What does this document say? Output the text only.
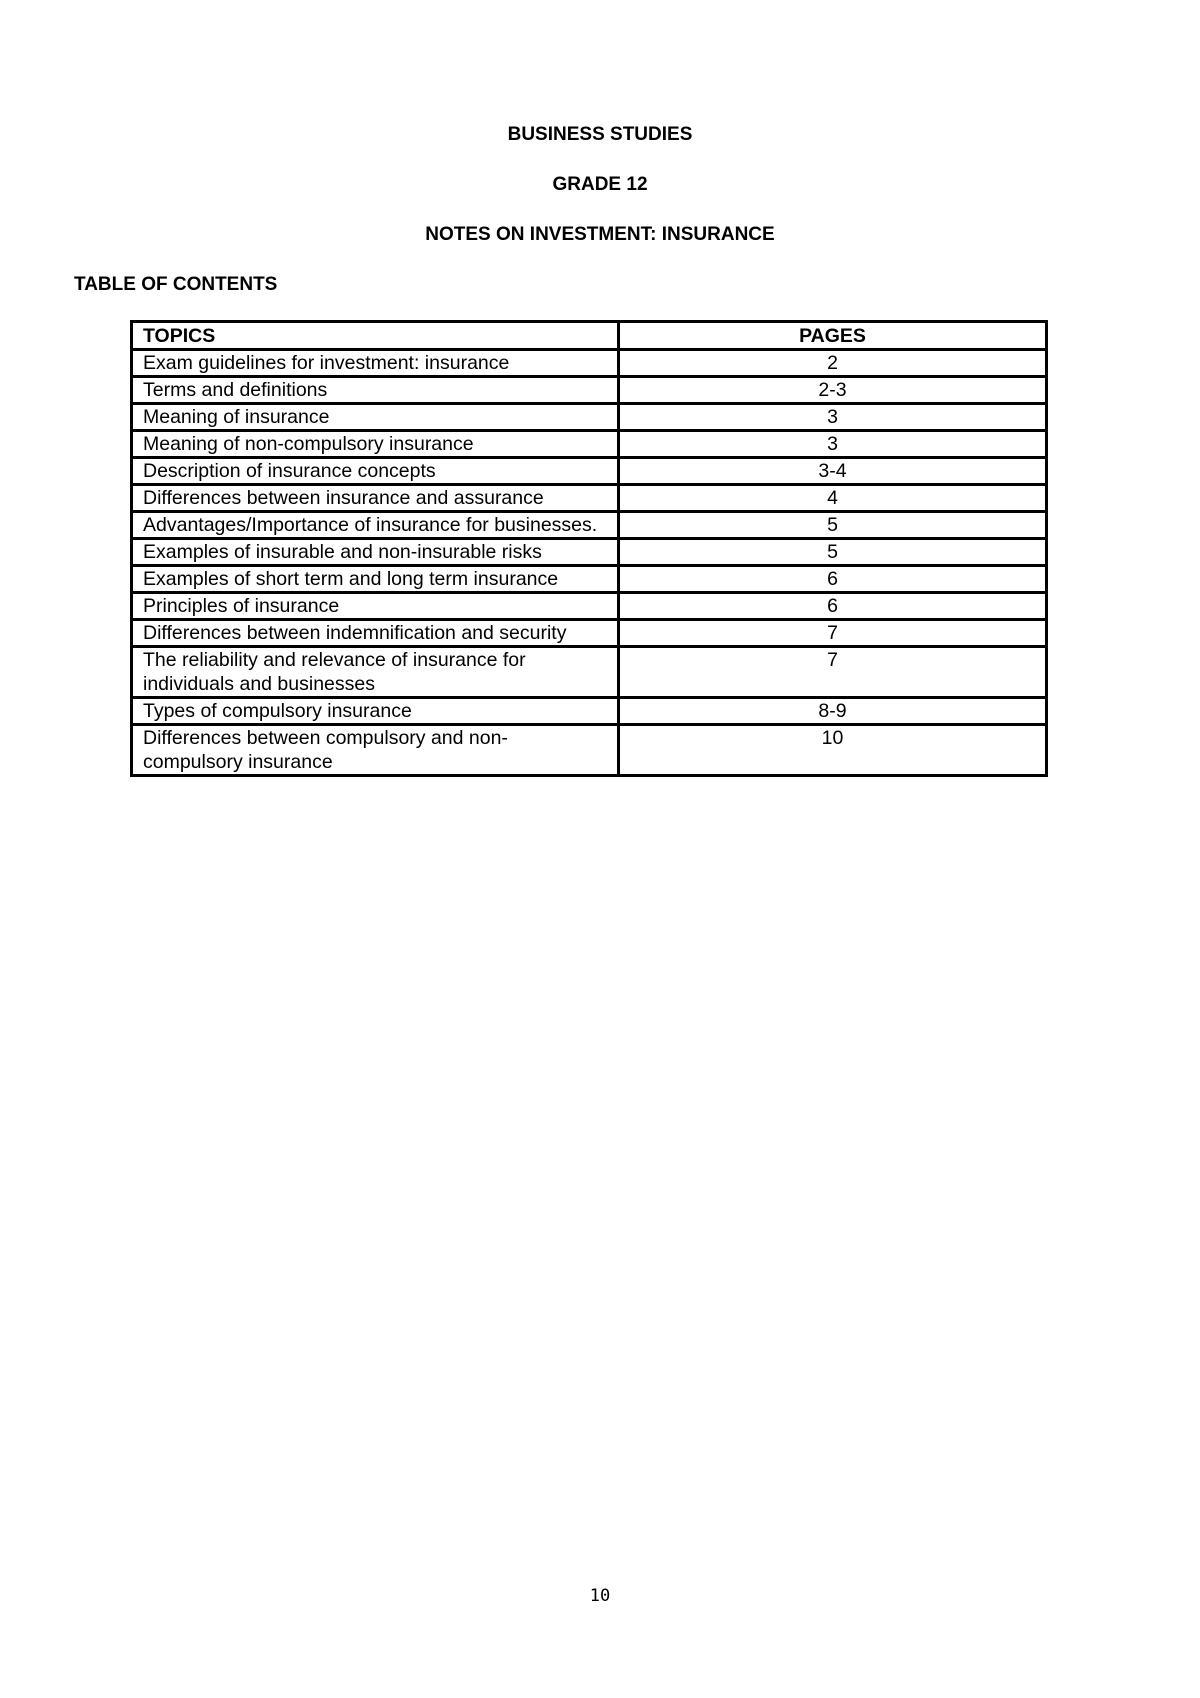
BUSINESS STUDIES
GRADE 12
NOTES ON INVESTMENT: INSURANCE
TABLE OF CONTENTS
TOPICS	PAGES
Exam guidelines for investment: insurance	2
Terms and definitions	2-3
Meaning of insurance	3
Meaning of non-compulsory insurance	3
Description of insurance concepts	3-4
Differences between insurance and assurance	4
Advantages/Importance of insurance for businesses.	5
Examples of insurable and non-insurable risks	5
Examples of short term and long term insurance	6
Principles of insurance	6
Differences between indemnification and security	7
The reliability and relevance of insurance for individuals and businesses	7
Types of compulsory insurance	8-9
Differences between compulsory and non-compulsory insurance	10
10
